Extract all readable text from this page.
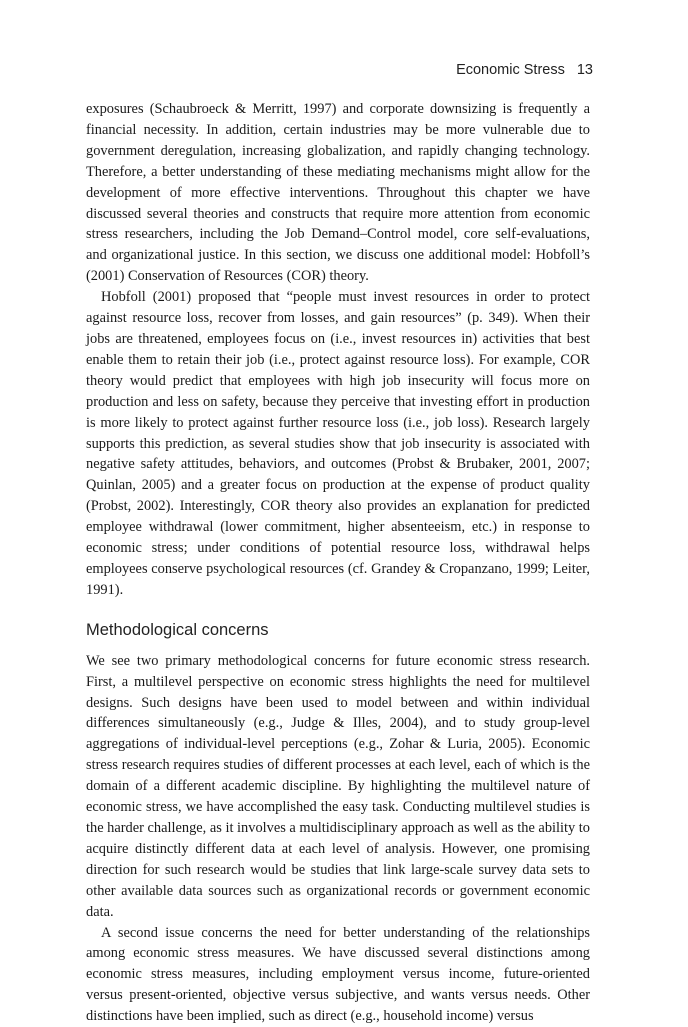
Economic Stress 13

exposures (Schaubroeck & Merritt, 1997) and corporate downsizing is frequently a financial necessity. In addition, certain industries may be more vulnerable due to government deregulation, increasing globalization, and rapidly changing technology. Therefore, a better understanding of these mediating mechanisms might allow for the development of more effective interventions. Throughout this chapter we have discussed several theories and constructs that require more attention from economic stress researchers, including the Job Demand–Control model, core self-evaluations, and organizational justice. In this section, we discuss one additional model: Hobfoll’s (2001) Conservation of Resources (COR) theory.

Hobfoll (2001) proposed that “people must invest resources in order to protect against resource loss, recover from losses, and gain resources” (p. 349). When their jobs are threatened, employees focus on (i.e., invest resources in) activities that best enable them to retain their job (i.e., protect against resource loss). For example, COR theory would predict that employees with high job insecurity will focus more on production and less on safety, because they perceive that investing effort in production is more likely to protect against further resource loss (i.e., job loss). Research largely supports this prediction, as several studies show that job insecurity is associated with negative safety attitudes, behaviors, and outcomes (Probst & Brubaker, 2001, 2007; Quinlan, 2005) and a greater focus on production at the expense of product quality (Probst, 2002). Interestingly, COR theory also provides an explanation for predicted employee withdrawal (lower commitment, higher absenteeism, etc.) in response to economic stress; under conditions of potential resource loss, withdrawal helps employees conserve psychological resources (cf. Grandey & Cropanzano, 1999; Leiter, 1991).

Methodological concerns

We see two primary methodological concerns for future economic stress research. First, a multilevel perspective on economic stress highlights the need for multilevel designs. Such designs have been used to model between and within individual differences simultaneously (e.g., Judge & Illes, 2004), and to study group-level aggregations of individual-level perceptions (e.g., Zohar & Luria, 2005). Economic stress research requires studies of different processes at each level, each of which is the domain of a different academic discipline. By highlighting the multilevel nature of economic stress, we have accomplished the easy task. Conducting multilevel studies is the harder challenge, as it involves a multidisciplinary approach as well as the ability to acquire distinctly different data at each level of analysis. However, one promising direction for such research would be studies that link large-scale survey data sets to other available data sources such as organizational records or government economic data.

A second issue concerns the need for better understanding of the relationships among economic stress measures. We have discussed several distinctions among economic stress measures, including employment versus income, future-oriented versus present-oriented, objective versus subjective, and wants versus needs. Other distinctions have been implied, such as direct (e.g., household income) versus
